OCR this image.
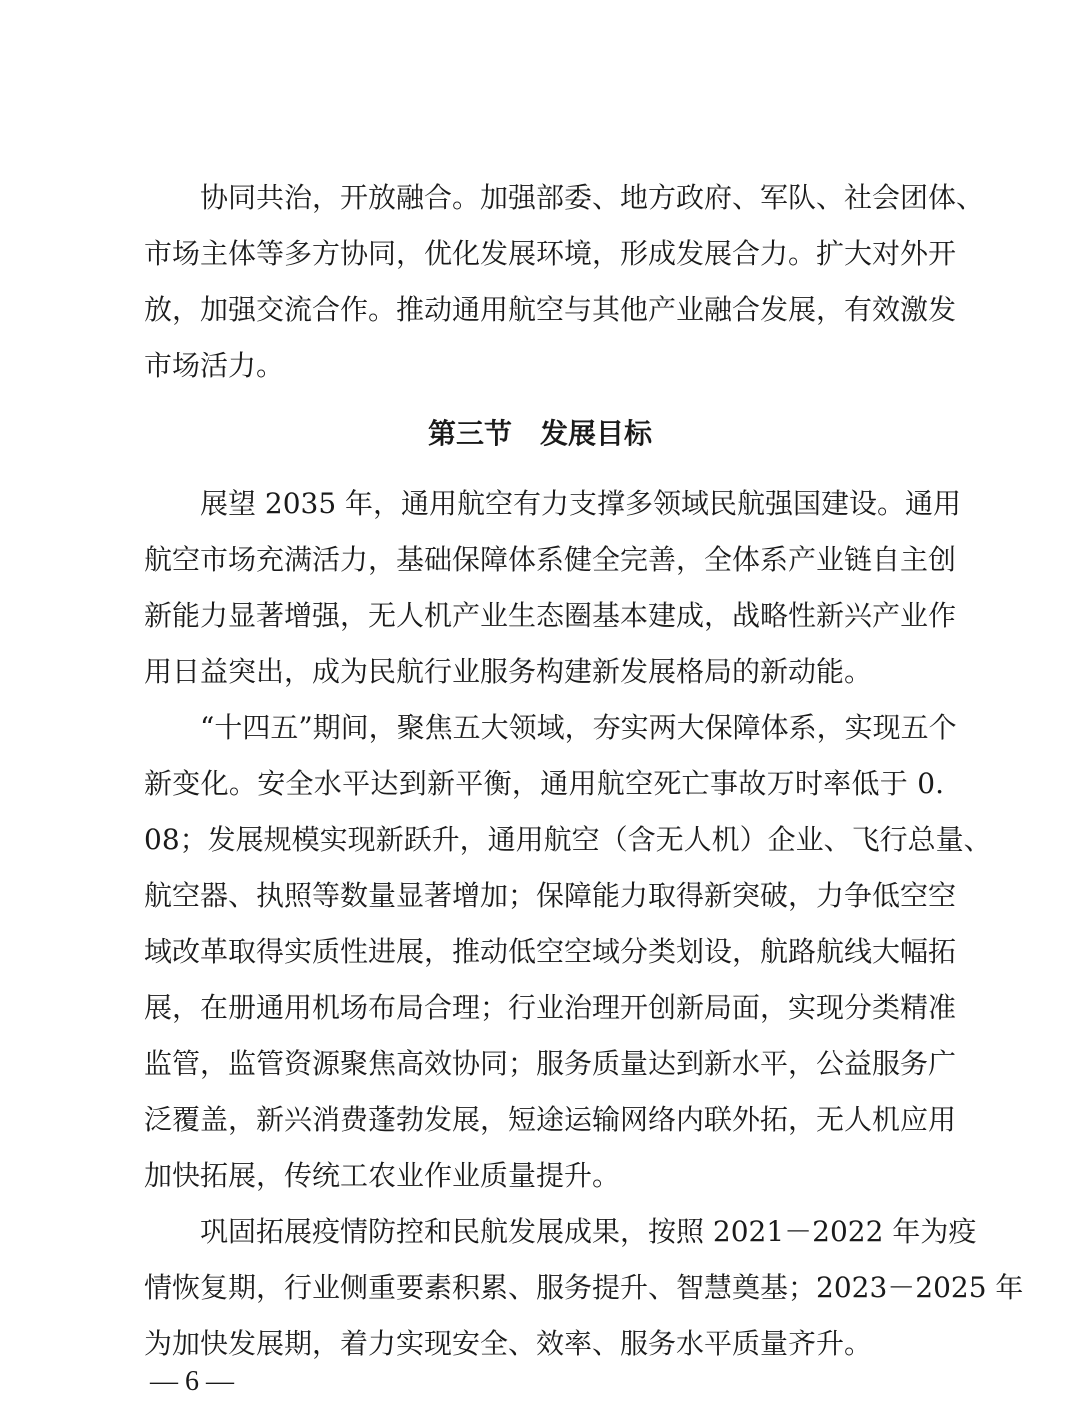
协同共治，开放融合。加强部委、地方政府、军队、社会团体、
市场主体等多方协同，优化发展环境，形成发展合力。扩大对外开
放，加强交流合作。推动通用航空与其他产业融合发展，有效激发
市场活力。
第三节　发展目标
展望 2035 年，通用航空有力支撑多领域民航强国建设。通用
航空市场充满活力，基础保障体系健全完善，全体系产业链自主创
新能力显著增强，无人机产业生态圈基本建成，战略性新兴产业作
用日益突出，成为民航行业服务构建新发展格局的新动能。
“十四五”期间，聚焦五大领域，夯实两大保障体系，实现五个
新变化。安全水平达到新平衡，通用航空死亡事故万时率低于 0.
08；发展规模实现新跃升，通用航空（含无人机）企业、飞行总量、
航空器、执照等数量显著增加；保障能力取得新突破，力争低空空
域改革取得实质性进展，推动低空空域分类划设，航路航线大幅拓
展，在册通用机场布局合理；行业治理开创新局面，实现分类精准
监管，监管资源聚焦高效协同；服务质量达到新水平，公益服务广
泛覆盖，新兴消费蓬勃发展，短途运输网络内联外拓，无人机应用
加快拓展，传统工农业作业质量提升。
巩固拓展疫情防控和民航发展成果，按照 2021－2022 年为疫
情恢复期，行业侧重要素积累、服务提升、智慧奠基；2023－2025 年
为加快发展期，着力实现安全、效率、服务水平质量齐升。
— 6 —
